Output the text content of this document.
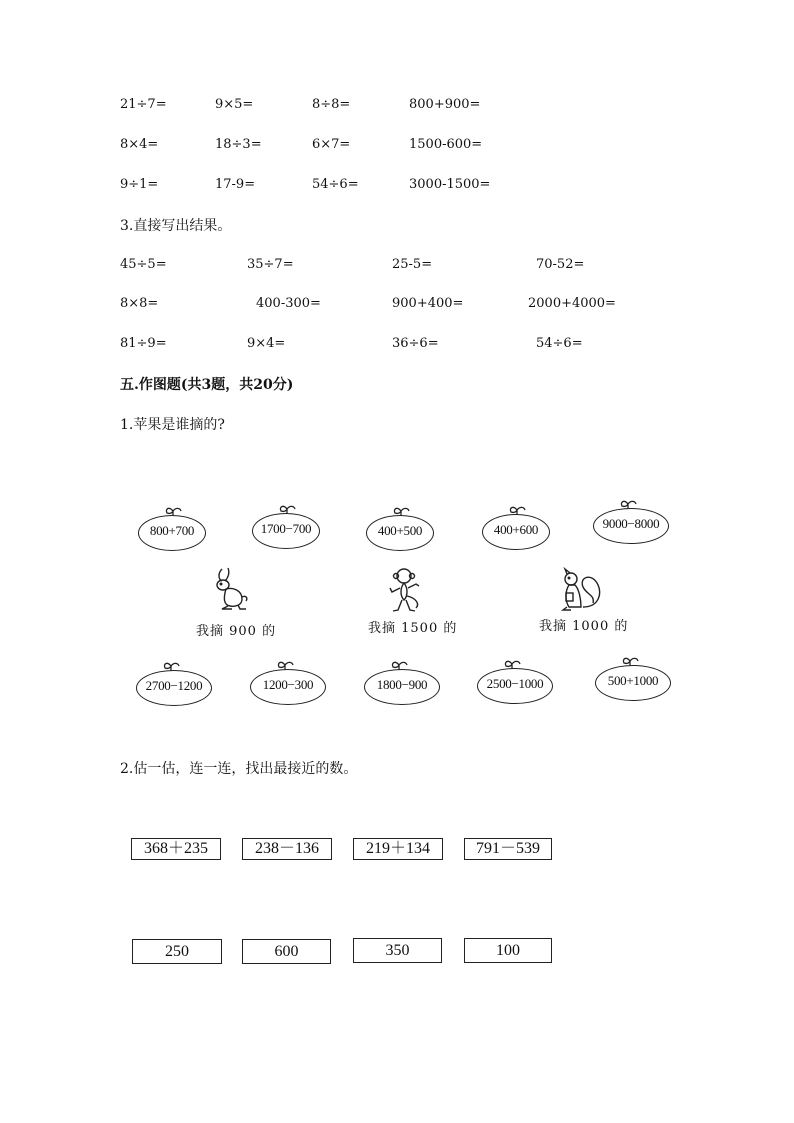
21÷7=	9×5=	8÷8=	800+900=
8×4=	18÷3=	6×7=	1500-600=
9÷1=	17-9=	54÷6=	3000-1500=
3.直接写出结果。
45÷5=	35÷7=	25-5=	70-52=
8×8=	400-300=	900+400=	2000+4000=
81÷9=	9×4=	36÷6=	54÷6=
五.作图题(共3题，共20分)
1.苹果是谁摘的?
800+700	1700−700	400+500	400+600	9000−8000
我摘 900 的	我摘 1500 的	我摘 1000 的
2700−1200	1200−300	1800−900	2500−1000	500+1000
2.估一估，连一连，找出最接近的数。
368＋235	238－136	219＋134	791－539
250	600	350	100
